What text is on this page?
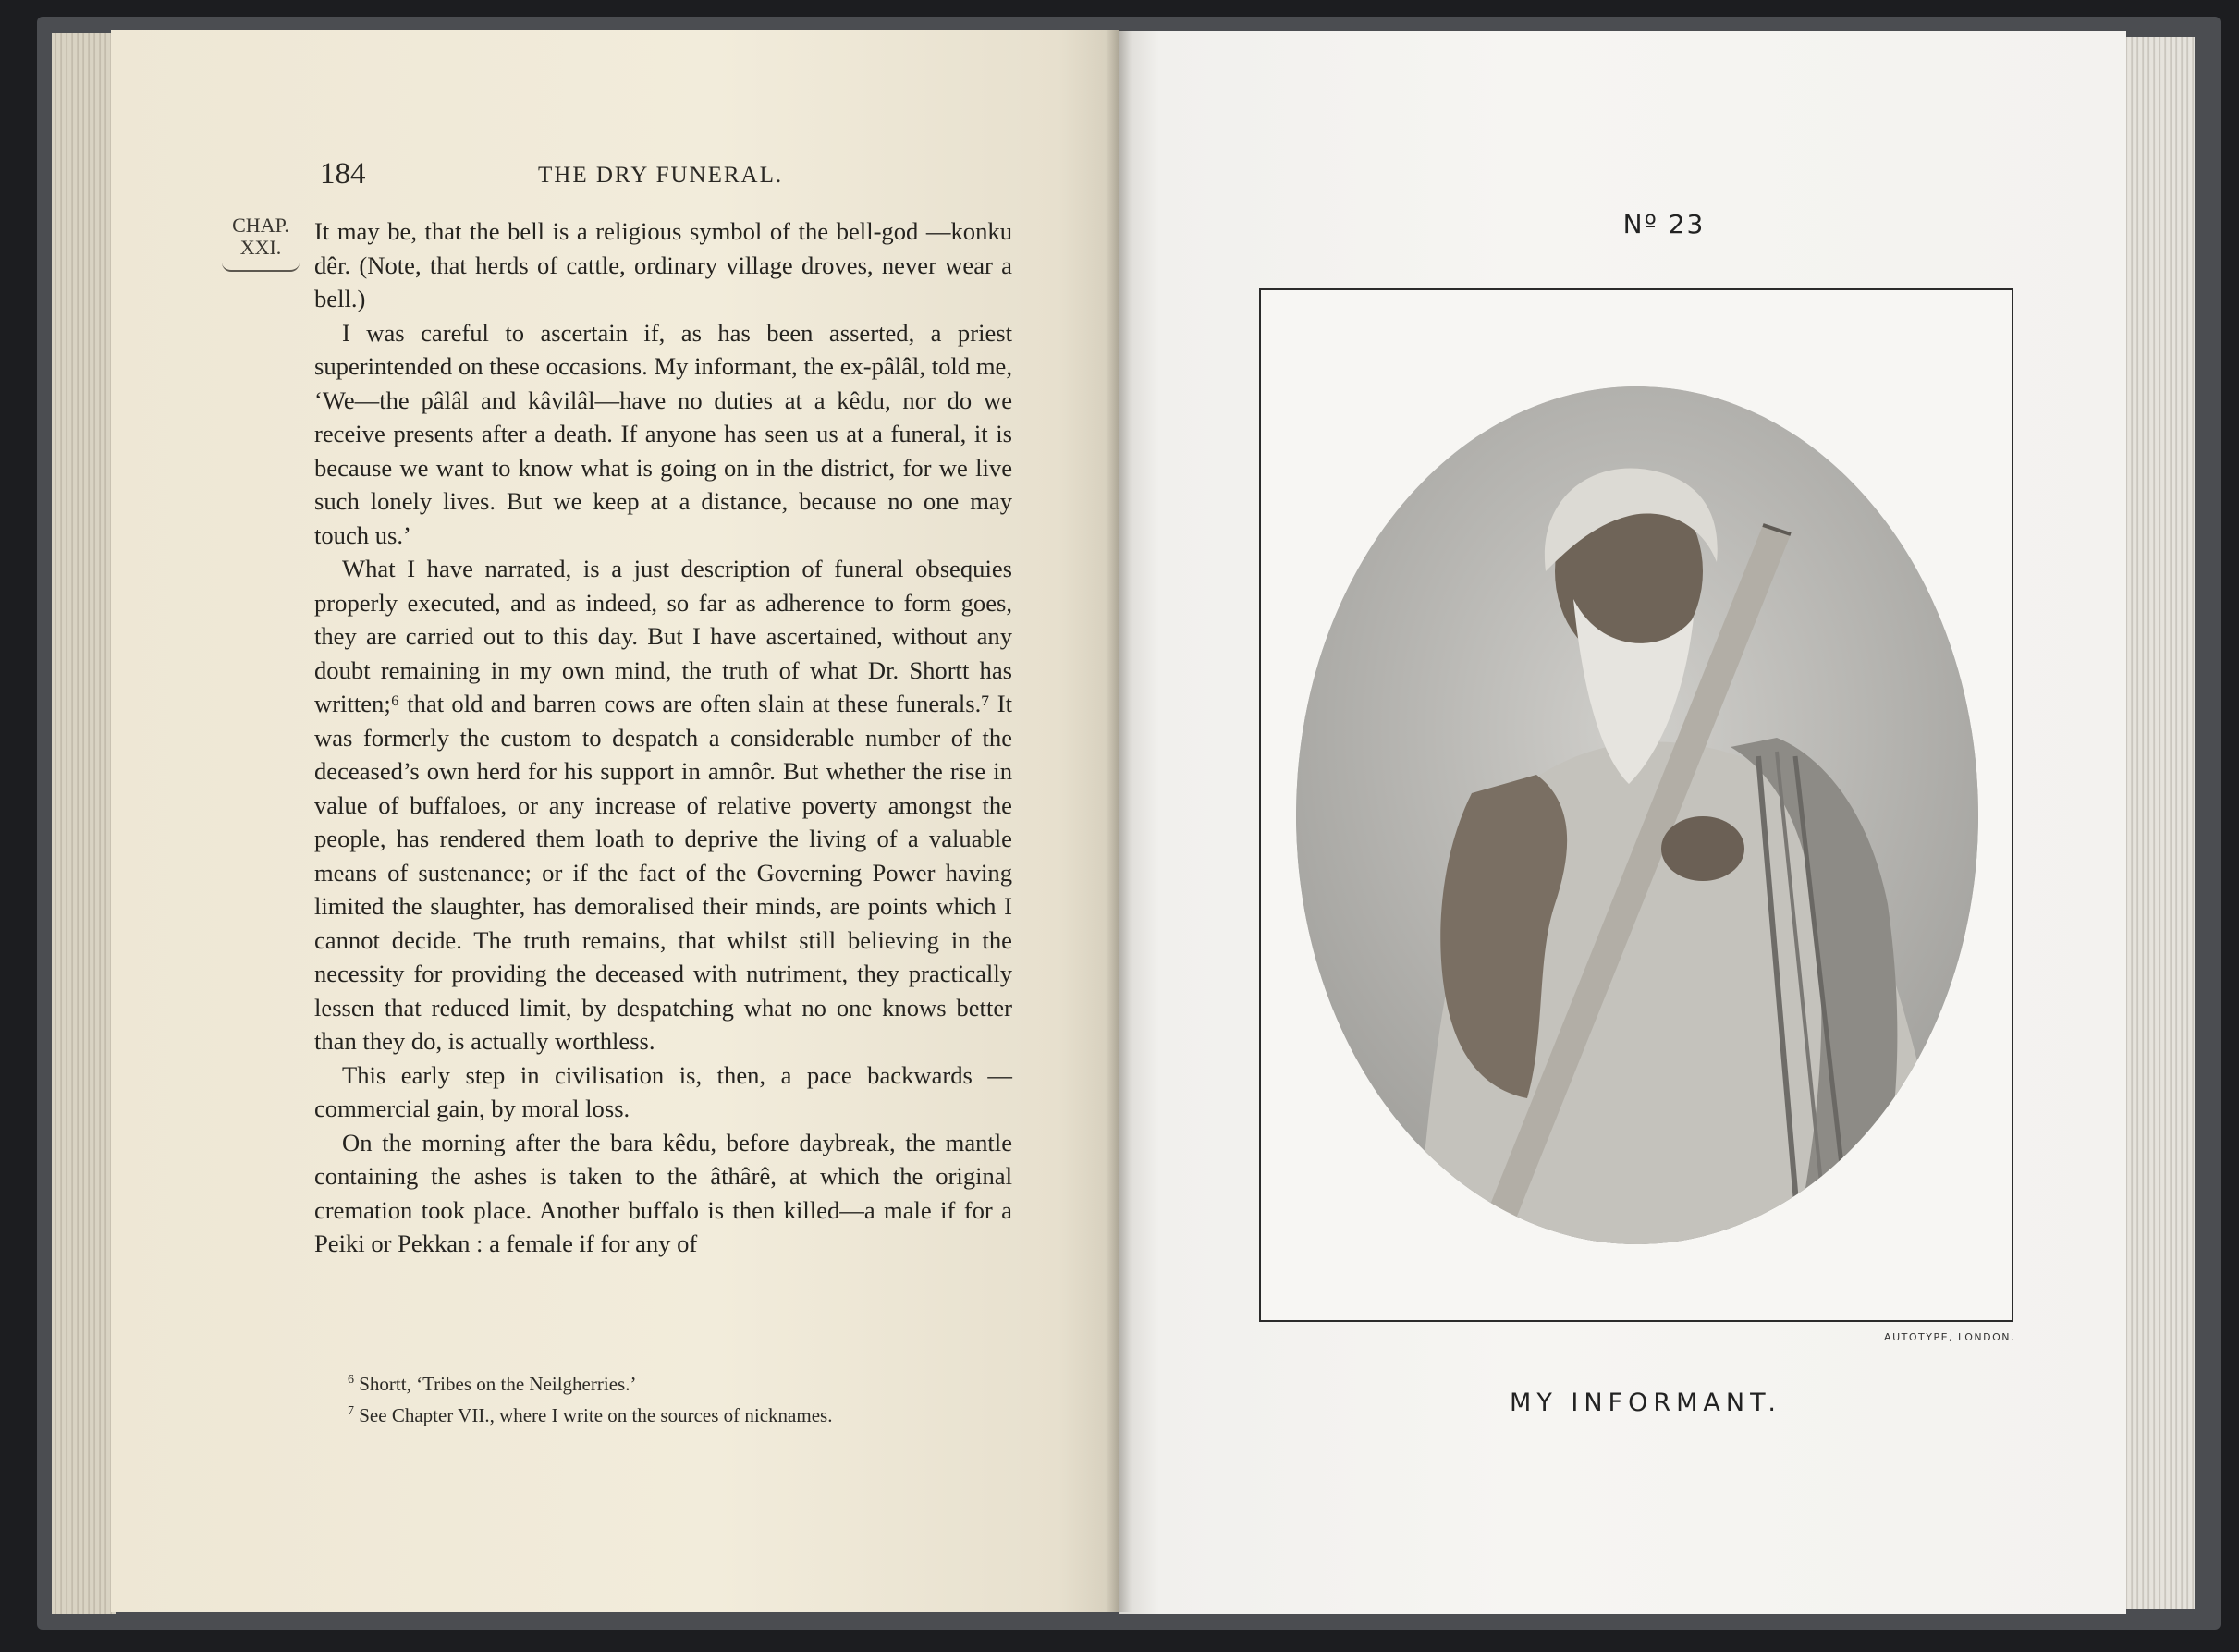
184	THE DRY FUNERAL.
CHAP.
XXI.

It may be, that the bell is a religious symbol of the bell-god —konku dêr. (Note, that herds of cattle, ordinary village droves, never wear a bell.)

I was careful to ascertain if, as has been asserted, a priest superintended on these occasions. My informant, the ex-pâlâl, told me, ‘We—the pâlâl and kâvilâl—have no duties at a kêdu, nor do we receive presents after a death. If anyone has seen us at a funeral, it is because we want to know what is going on in the district, for we live such lonely lives. But we keep at a distance, because no one may touch us.’

What I have narrated, is a just description of funeral obsequies properly executed, and as indeed, so far as adherence to form goes, they are carried out to this day. But I have ascertained, without any doubt remaining in my own mind, the truth of what Dr. Shortt has written;⁶ that old and barren cows are often slain at these funerals.⁷ It was formerly the custom to despatch a considerable number of the deceased’s own herd for his support in amnôr. But whether the rise in value of buffaloes, or any increase of relative poverty amongst the people, has rendered them loath to deprive the living of a valuable means of sustenance; or if the fact of the Governing Power having limited the slaughter, has demoralised their minds, are points which I cannot decide. The truth remains, that whilst still believing in the necessity for providing the deceased with nutriment, they practically lessen that reduced limit, by despatching what no one knows better than they do, is actually worthless.

This early step in civilisation is, then, a pace backwards —commercial gain, by moral loss.

On the morning after the bara kêdu, before daybreak, the mantle containing the ashes is taken to the âthârê, at which the original cremation took place. Another buffalo is then killed—a male if for a Peiki or Pekkan : a female if for any of

$^6$ Shortt, ‘Tribes on the Neilgherries.’
$^7$ See Chapter VII., where I write on the sources of nicknames.
Nº 23
AUTOTYPE, LONDON.
MY INFORMANT.
